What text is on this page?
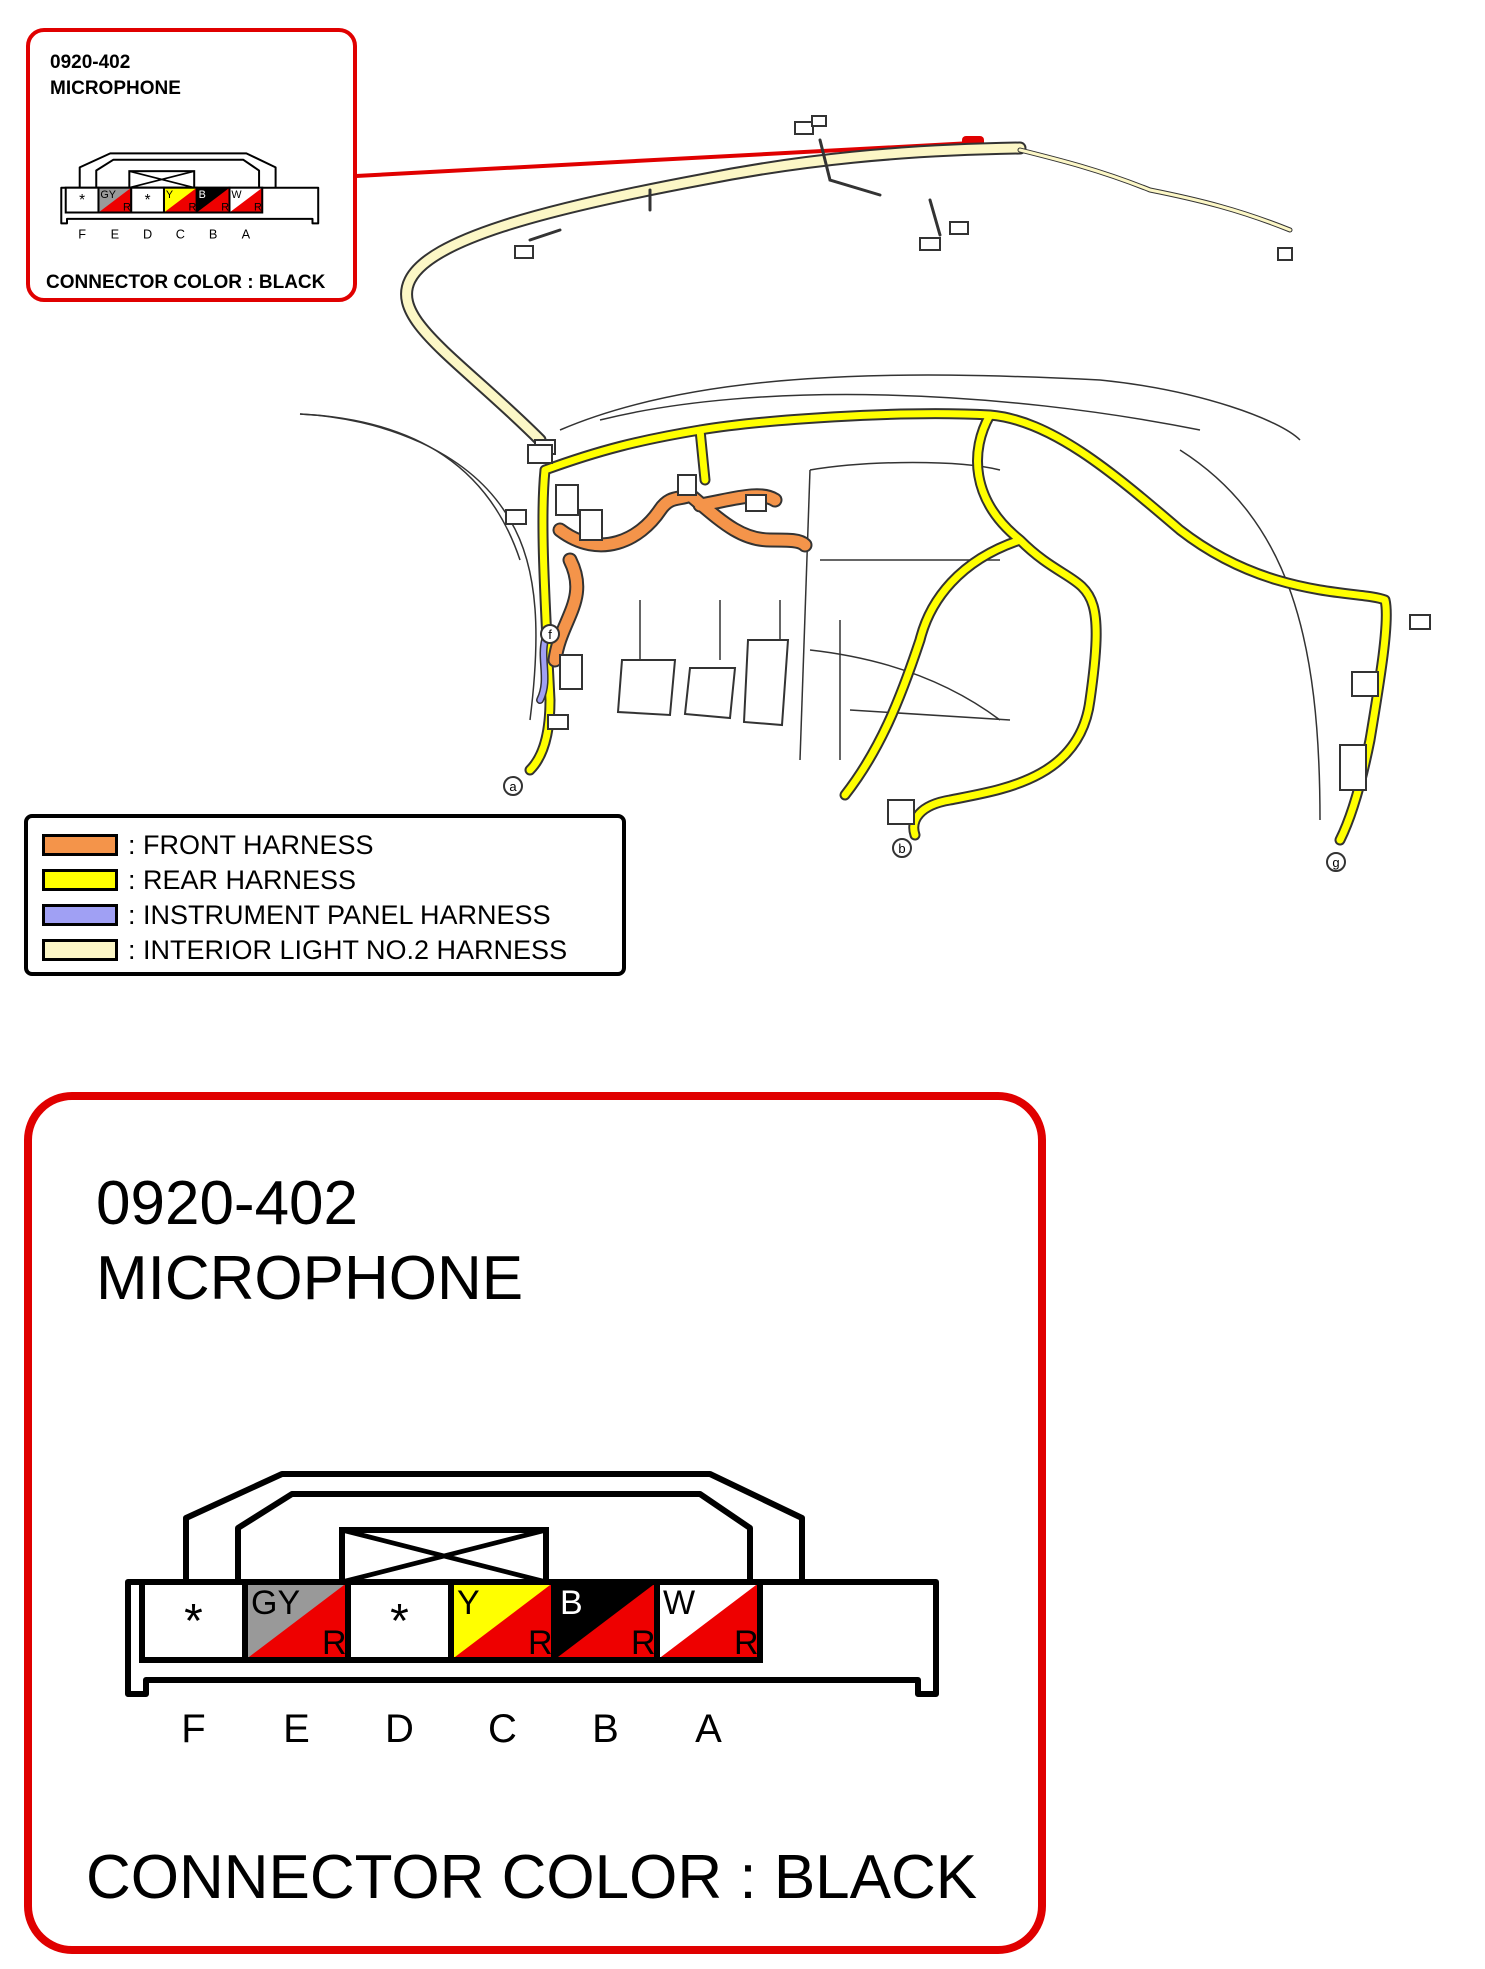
a
b
f
g
0920-402
MICROPHONE
*
F
GY
R
E
*
D
Y
R
C
B
R
B
W
R
A
CONNECTOR COLOR : BLACK
: FRONT HARNESS
: REAR HARNESS
: INSTRUMENT PANEL HARNESS
: INTERIOR LIGHT NO.2 HARNESS
0920-402
MICROPHONE
*
F
GY
R
E
*
D
Y
R
C
B
R
B
W
R
A
CONNECTOR COLOR : BLACK
